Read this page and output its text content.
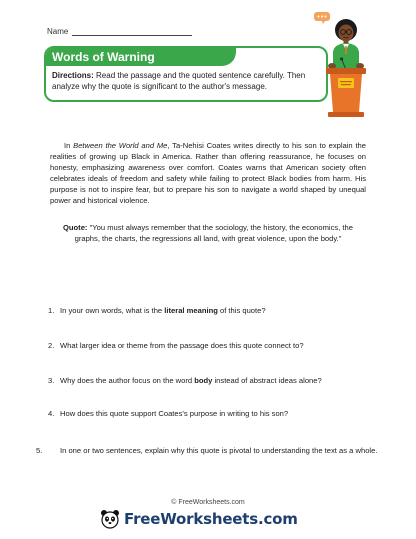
Name
Words of Warning
Directions: Read the passage and the quoted sentence carefully. Then analyze why the quote is significant to the author's message.
In Between the World and Me, Ta-Nehisi Coates writes directly to his son to explain the realities of growing up Black in America. Rather than offering reassurance, he focuses on honesty, emphasizing awareness over comfort. Coates warns that American society often celebrates ideals of freedom and safety while failing to protect Black bodies from harm. His purpose is not to inspire fear, but to prepare his son to navigate a world shaped by unequal power and historical violence.
Quote: "You must always remember that the sociology, the history, the economics, the graphs, the charts, the regressions all land, with great violence, upon the body."
1. In your own words, what is the literal meaning of this quote?
2. What larger idea or theme from the passage does this quote connect to?
3. Why does the author focus on the word body instead of abstract ideas alone?
4. How does this quote support Coates's purpose in writing to his son?
5. In one or two sentences, explain why this quote is pivotal to understanding the text as a whole.
© FreeWorksheets.com
FreeWorksheets.com
